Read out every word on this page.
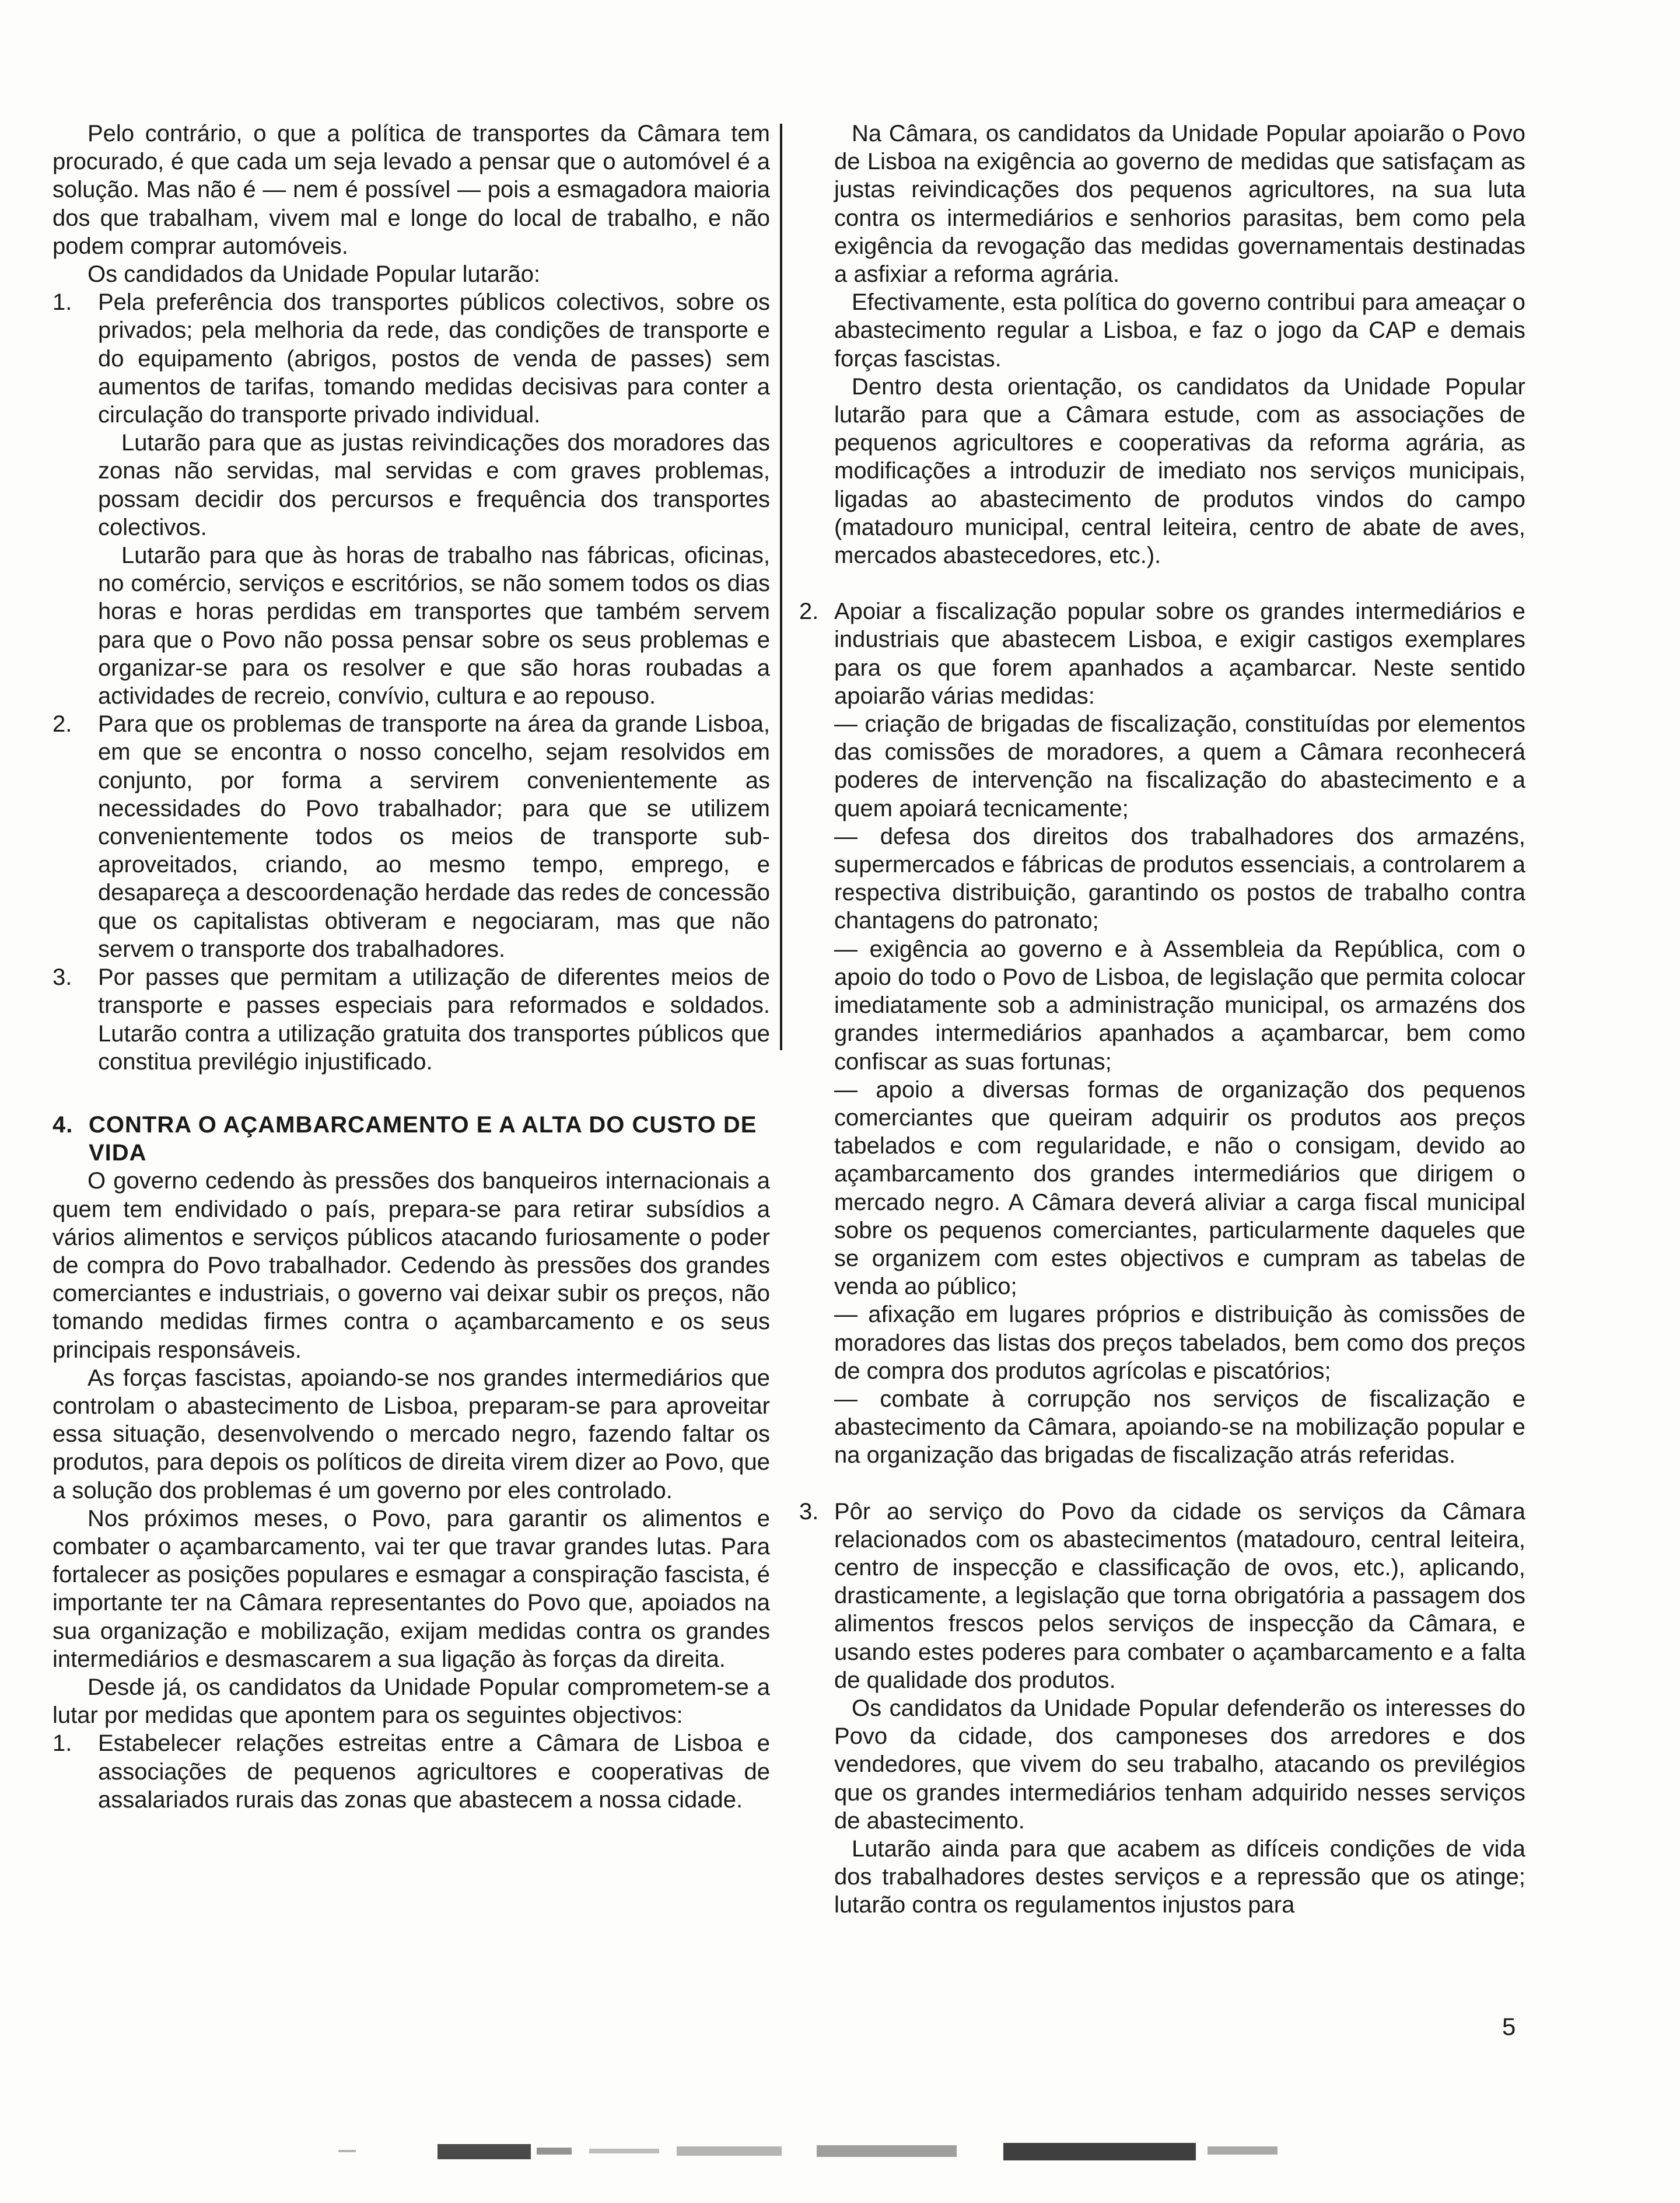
Pelo contrário, o que a política de transportes da Câmara tem procurado, é que cada um seja levado a pensar que o automóvel é a solução. Mas não é — nem é possível — pois a esmagadora maioria dos que trabalham, vivem mal e longe do local de trabalho, e não podem comprar automóveis.

Os candidados da Unidade Popular lutarão:

1. Pela preferência dos transportes públicos colectivos, sobre os privados; pela melhoria da rede, das condições de transporte e do equipamento (abrigos, postos de venda de passes) sem aumentos de tarifas, tomando medidas decisivas para conter a circulação do transporte privado individual.

Lutarão para que as justas reivindicações dos moradores das zonas não servidas, mal servidas e com graves problemas, possam decidir dos percursos e frequência dos transportes colectivos.

Lutarão para que às horas de trabalho nas fábricas, oficinas, no comércio, serviços e escritórios, se não somem todos os dias horas e horas perdidas em transportes que também servem para que o Povo não possa pensar sobre os seus problemas e organizar-se para os resolver e que são horas roubadas a actividades de recreio, convívio, cultura e ao repouso.

2. Para que os problemas de transporte na área da grande Lisboa, em que se encontra o nosso concelho, sejam resolvidos em conjunto, por forma a servirem convenientemente as necessidades do Povo trabalhador; para que se utilizem convenientemente todos os meios de transporte sub-aproveitados, criando, ao mesmo tempo, emprego, e desapareça a descoordenação herdade das redes de concessão que os capitalistas obtiveram e negociaram, mas que não servem o transporte dos trabalhadores.

3. Por passes que permitam a utilização de diferentes meios de transporte e passes especiais para reformados e soldados. Lutarão contra a utilização gratuita dos transportes públicos que constitua previlégio injustificado.

4. CONTRA O AÇAMBARCAMENTO E A ALTA DO CUSTO DE VIDA

O governo cedendo às pressões dos banqueiros internacionais a quem tem endividado o país, prepara-se para retirar subsídios a vários alimentos e serviços públicos atacando furiosamente o poder de compra do Povo trabalhador. Cedendo às pressões dos grandes comerciantes e industriais, o governo vai deixar subir os preços, não tomando medidas firmes contra o açambarcamento e os seus principais responsáveis.

As forças fascistas, apoiando-se nos grandes intermediários que controlam o abastecimento de Lisboa, preparam-se para aproveitar essa situação, desenvolvendo o mercado negro, fazendo faltar os produtos, para depois os políticos de direita virem dizer ao Povo, que a solução dos problemas é um governo por eles controlado.

Nos próximos meses, o Povo, para garantir os alimentos e combater o açambarcamento, vai ter que travar grandes lutas. Para fortalecer as posições populares e esmagar a conspiração fascista, é importante ter na Câmara representantes do Povo que, apoiados na sua organização e mobilização, exijam medidas contra os grandes intermediários e desmascarem a sua ligação às forças da direita.

Desde já, os candidatos da Unidade Popular comprometem-se a lutar por medidas que apontem para os seguintes objectivos:

1. Estabelecer relações estreitas entre a Câmara de Lisboa e associações de pequenos agricultores e cooperativas de assalariados rurais das zonas que abastecem a nossa cidade.

Na Câmara, os candidatos da Unidade Popular apoiarão o Povo de Lisboa na exigência ao governo de medidas que satisfaçam as justas reivindicações dos pequenos agricultores, na sua luta contra os intermediários e senhorios parasitas, bem como pela exigência da revogação das medidas governamentais destinadas a asfixiar a reforma agrária.

Efectivamente, esta política do governo contribui para ameaçar o abastecimento regular a Lisboa, e faz o jogo da CAP e demais forças fascistas.

Dentro desta orientação, os candidatos da Unidade Popular lutarão para que a Câmara estude, com as associações de pequenos agricultores e cooperativas da reforma agrária, as modificações a introduzir de imediato nos serviços municipais, ligadas ao abastecimento de produtos vindos do campo (matadouro municipal, central leiteira, centro de abate de aves, mercados abastecedores, etc.).

2. Apoiar a fiscalização popular sobre os grandes intermediários e industriais que abastecem Lisboa, e exigir castigos exemplares para os que forem apanhados a açambarcar. Neste sentido apoiarão várias medidas:

— criação de brigadas de fiscalização, constituídas por elementos das comissões de moradores, a quem a Câmara reconhecerá poderes de intervenção na fiscalização do abastecimento e a quem apoiará tecnicamente;

— defesa dos direitos dos trabalhadores dos armazéns, supermercados e fábricas de produtos essenciais, a controlarem a respectiva distribuição, garantindo os postos de trabalho contra chantagens do patronato;

— exigência ao governo e à Assembleia da República, com o apoio do todo o Povo de Lisboa, de legislação que permita colocar imediatamente sob a administração municipal, os armazéns dos grandes intermediários apanhados a açambarcar, bem como confiscar as suas fortunas;

— apoio a diversas formas de organização dos pequenos comerciantes que queiram adquirir os produtos aos preços tabelados e com regularidade, e não o consigam, devido ao açambarcamento dos grandes intermediários que dirigem o mercado negro. A Câmara deverá aliviar a carga fiscal municipal sobre os pequenos comerciantes, particularmente daqueles que se organizem com estes objectivos e cumpram as tabelas de venda ao público;

— afixação em lugares próprios e distribuição às comissões de moradores das listas dos preços tabelados, bem como dos preços de compra dos produtos agrícolas e piscatórios;

— combate à corrupção nos serviços de fiscalização e abastecimento da Câmara, apoiando-se na mobilização popular e na organização das brigadas de fiscalização atrás referidas.

3. Pôr ao serviço do Povo da cidade os serviços da Câmara relacionados com os abastecimentos (matadouro, central leiteira, centro de inspecção e classificação de ovos, etc.), aplicando, drasticamente, a legislação que torna obrigatória a passagem dos alimentos frescos pelos serviços de inspecção da Câmara, e usando estes poderes para combater o açambarcamento e a falta de qualidade dos produtos.

Os candidatos da Unidade Popular defenderão os interesses do Povo da cidade, dos camponeses dos arredores e dos vendedores, que vivem do seu trabalho, atacando os previlégios que os grandes intermediários tenham adquirido nesses serviços de abastecimento.

Lutarão ainda para que acabem as difíceis condições de vida dos trabalhadores destes serviços e a repressão que os atinge; lutarão contra os regulamentos injustos para

5
